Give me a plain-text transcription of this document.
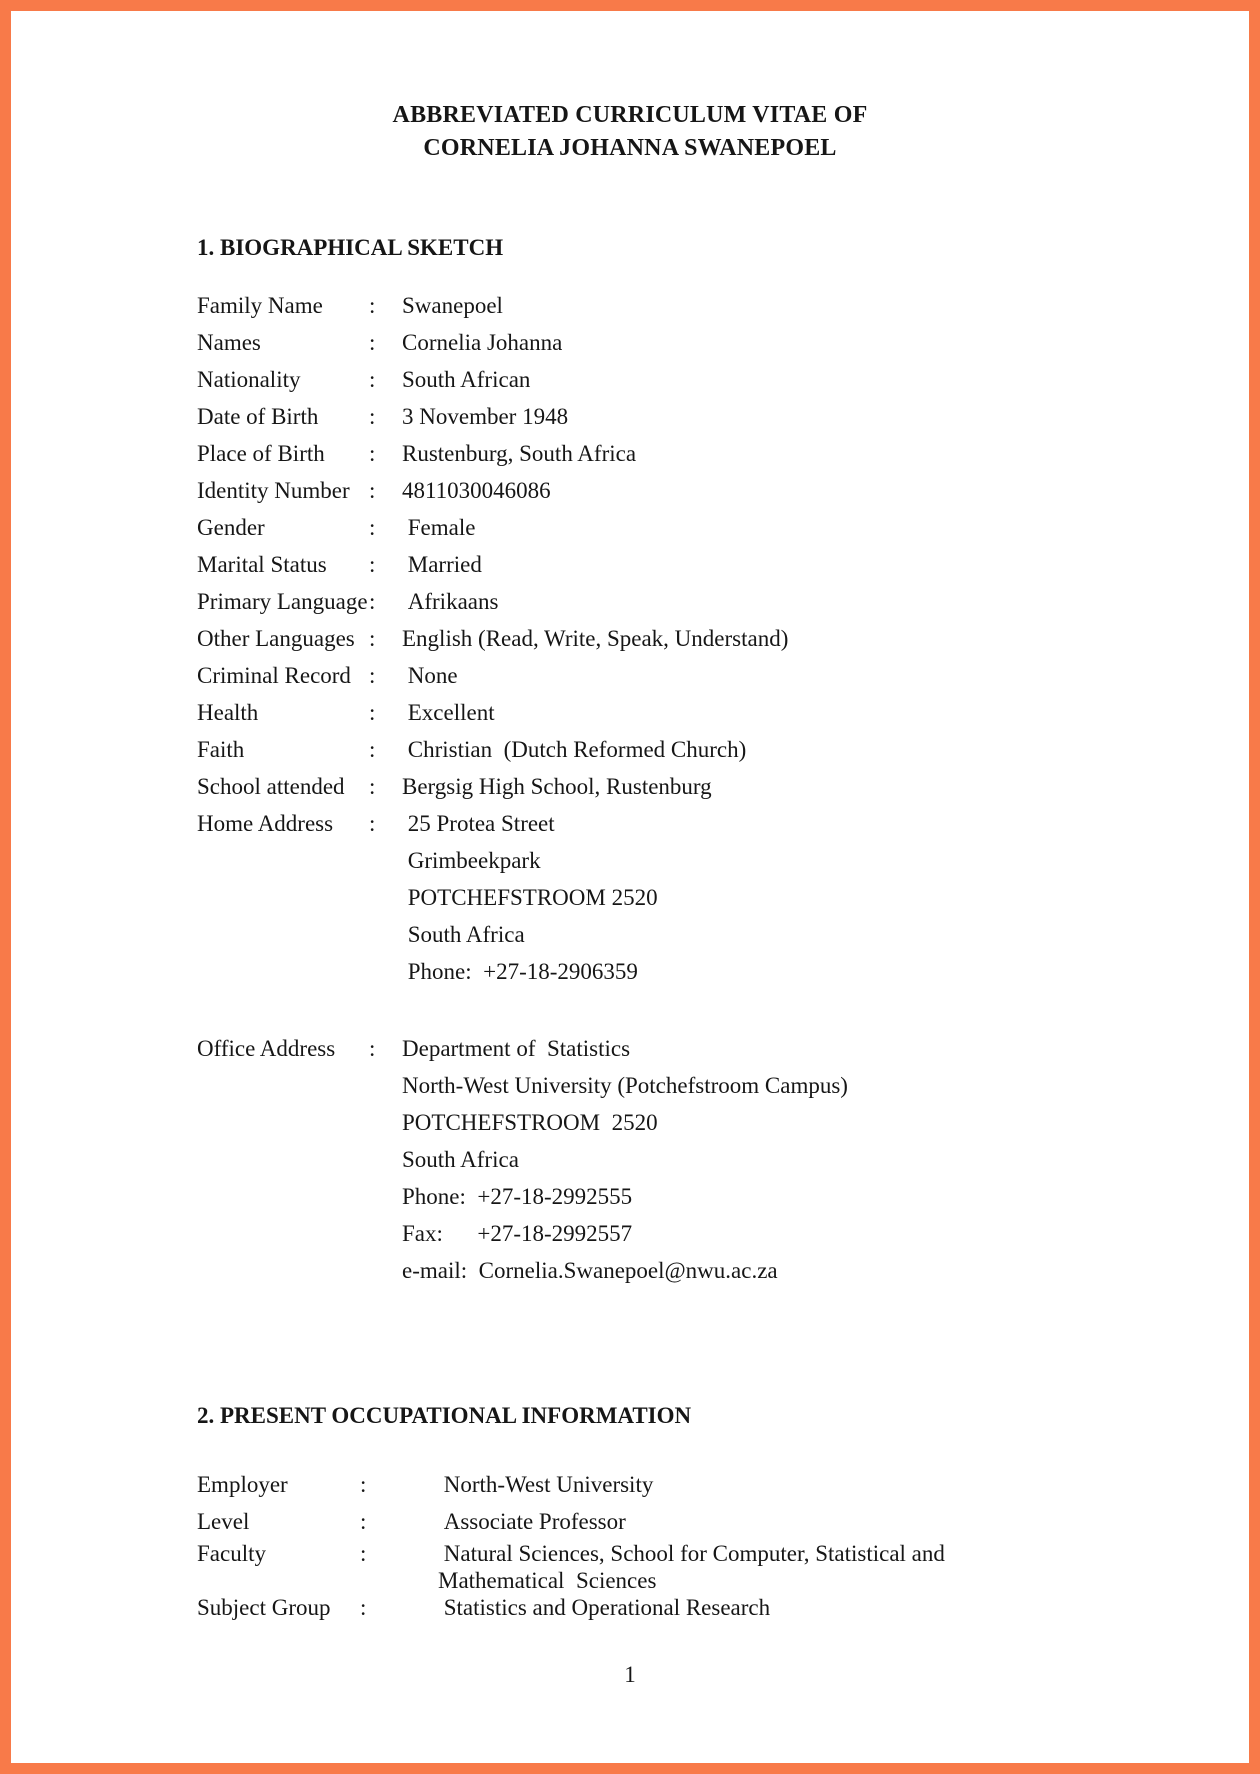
ABBREVIATED CURRICULUM VITAE OF
CORNELIA JOHANNA SWANEPOEL
1. BIOGRAPHICAL SKETCH
Family Name	:	Swanepoel
Names	:	Cornelia Johanna
Nationality	:	South African
Date of Birth	:	3 November 1948
Place of Birth	:	Rustenburg, South Africa
Identity Number :	4811030046086
Gender	:	Female
Marital Status	:	Married
Primary Language :	Afrikaans
Other Languages :	English (Read, Write, Speak, Understand)
Criminal Record :	None
Health	:	Excellent
Faith	:	Christian  (Dutch Reformed Church)
School attended	:	Bergsig High School, Rustenburg
Home Address	:	25 Protea Street
Grimbeekpark
POTCHEFSTROOM 2520
South Africa
Phone:  +27-18-2906359
Office Address	:	Department of  Statistics
North-West University (Potchefstroom Campus)
POTCHEFSTROOM  2520
South Africa
Phone:  +27-18-2992555
Fax:      +27-18-2992557
e-mail:  Cornelia.Swanepoel@nwu.ac.za
2. PRESENT OCCUPATIONAL INFORMATION
Employer	:	North-West University
Level	:	Associate Professor
Faculty	:	Natural Sciences, School for Computer, Statistical and
Mathematical  Sciences
Subject Group	:	Statistics and Operational Research
1
